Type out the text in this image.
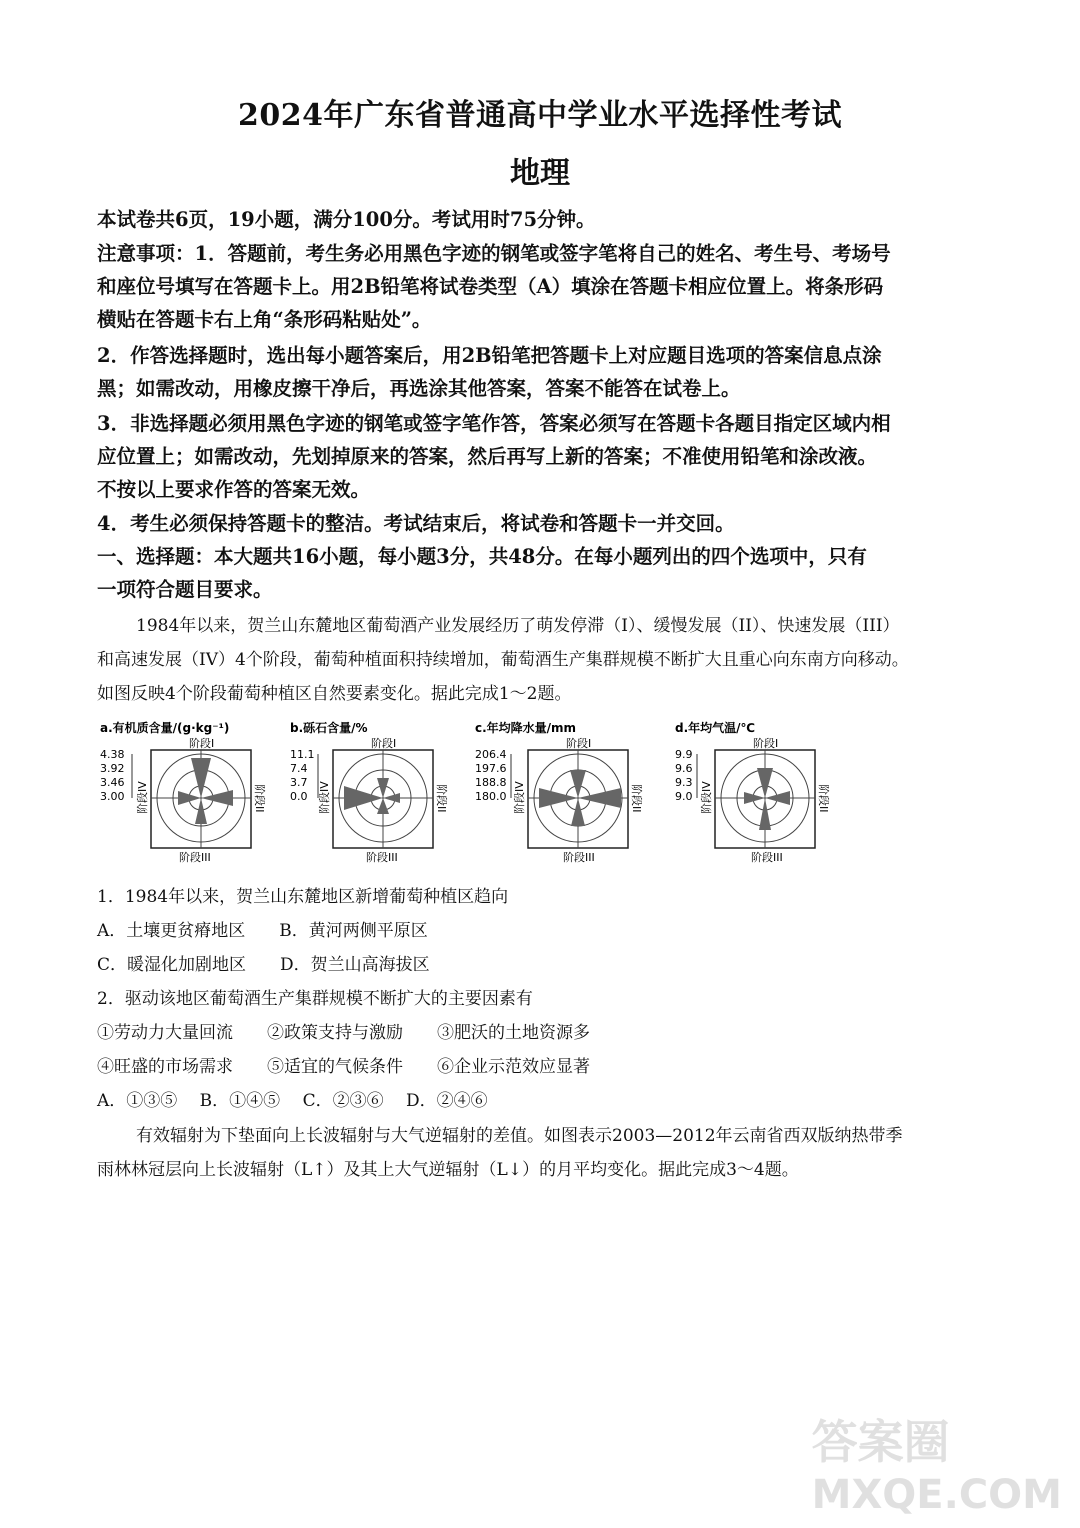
2024年广东省普通高中学业水平选择性考试
地理
本试卷共6页，19小题，满分100分。考试用时75分钟。
注意事项：1．答题前，考生务必用黑色字迹的钢笔或签字笔将自己的姓名、考生号、考场号
和座位号填写在答题卡上。用2B铅笔将试卷类型（A）填涂在答题卡相应位置上。将条形码
横贴在答题卡右上角“条形码粘贴处”。
2．作答选择题时，选出每小题答案后，用2B铅笔把答题卡上对应题目选项的答案信息点涂
黑；如需改动，用橡皮擦干净后，再选涂其他答案，答案不能答在试卷上。
3．非选择题必须用黑色字迹的钢笔或签字笔作答，答案必须写在答题卡各题目指定区域内相
应位置上；如需改动，先划掉原来的答案，然后再写上新的答案；不准使用铅笔和涂改液。
不按以上要求作答的答案无效。
4．考生必须保持答题卡的整洁。考试结束后，将试卷和答题卡一并交回。
一、选择题：本大题共16小题，每小题3分，共48分。在每小题列出的四个选项中，只有
一项符合题目要求。
1984年以来，贺兰山东麓地区葡萄酒产业发展经历了萌发停滞（I）、缓慢发展（II）、快速发展（III）
和高速发展（IV）4个阶段，葡萄种植面积持续增加，葡萄酒生产集群规模不断扩大且重心向东南方向移动。
如图反映4个阶段葡萄种植区自然要素变化。据此完成1～2题。
a.有机质含量/(g·kg⁻¹)
4.38
3.92
3.46
3.00
阶段I
阶段III
阶段II
阶段IV
b.砾石含量/%
11.1
7.4
3.7
0.0
阶段I
阶段III
阶段II
阶段IV
c.年均降水量/mm
206.4
197.6
188.8
180.0
阶段I
阶段III
阶段II
阶段IV
d.年均气温/℃
9.9
9.6
9.3
9.0
阶段I
阶段III
阶段II
阶段IV
1．1984年以来，贺兰山东麓地区新增葡萄种植区趋向
A．土壤更贫瘠地区　　B．黄河两侧平原区
C．暖湿化加剧地区　　D．贺兰山高海拔区
2．驱动该地区葡萄酒生产集群规模不断扩大的主要因素有
①劳动力大量回流　　②政策支持与激励　　③肥沃的土地资源多
④旺盛的市场需求　　⑤适宜的气候条件　　⑥企业示范效应显著
A．①③⑤　 B．①④⑤　 C．②③⑥　 D．②④⑥
有效辐射为下垫面向上长波辐射与大气逆辐射的差值。如图表示2003—2012年云南省西双版纳热带季
雨林林冠层向上长波辐射（L↑）及其上大气逆辐射（L↓）的月平均变化。据此完成3～4题。
答案圈
MXQE.COM
